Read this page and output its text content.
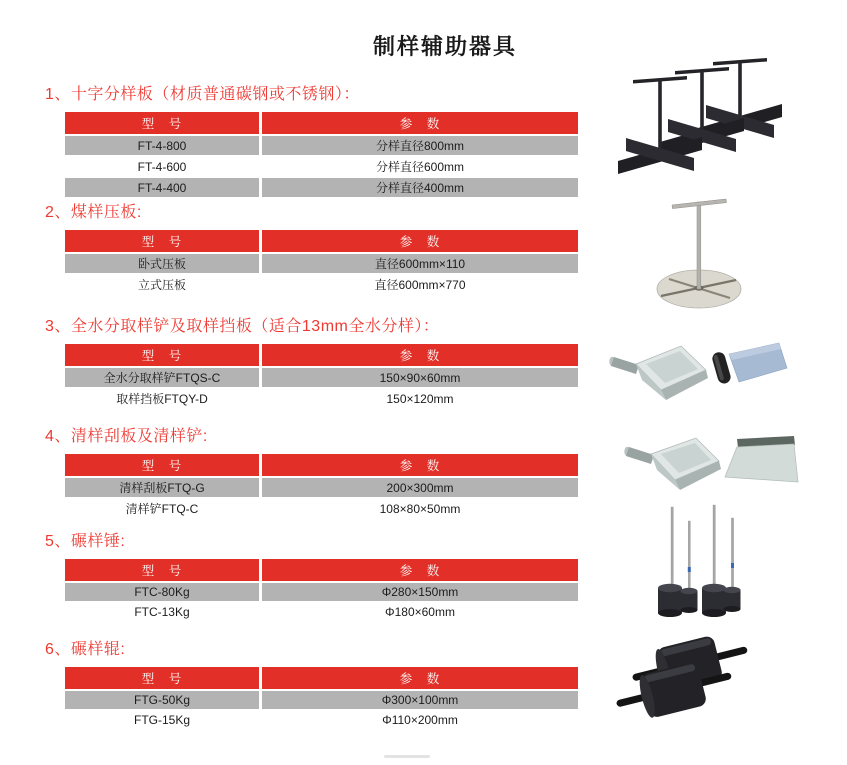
制样辅助器具
1、十字分样板（材质普通碳钢或不锈钢）：
型　号	参　数
FT-4-800	分样直径800mm
FT-4-600	分样直径600mm
FT-4-400	分样直径400mm
2、煤样压板:
型　号	参　数
卧式压板	直径600mm×110
立式压板	直径600mm×770
3、全水分取样铲及取样挡板（适合13mm全水分样）：
型　号	参　数
全水分取样铲FTQS-C	150×90×60mm
取样挡板FTQY-D	150×120mm
4、清样刮板及清样铲:
型　号	参　数
清样刮板FTQ-G	200×300mm
清样铲FTQ-C	108×80×50mm
5、碾样锤:
型　号	参　数
FTC-80Kg	Φ280×150mm
FTC-13Kg	Φ180×60mm
6、碾样辊:
型　号	参　数
FTG-50Kg	Φ300×100mm
FTG-15Kg	Φ110×200mm
